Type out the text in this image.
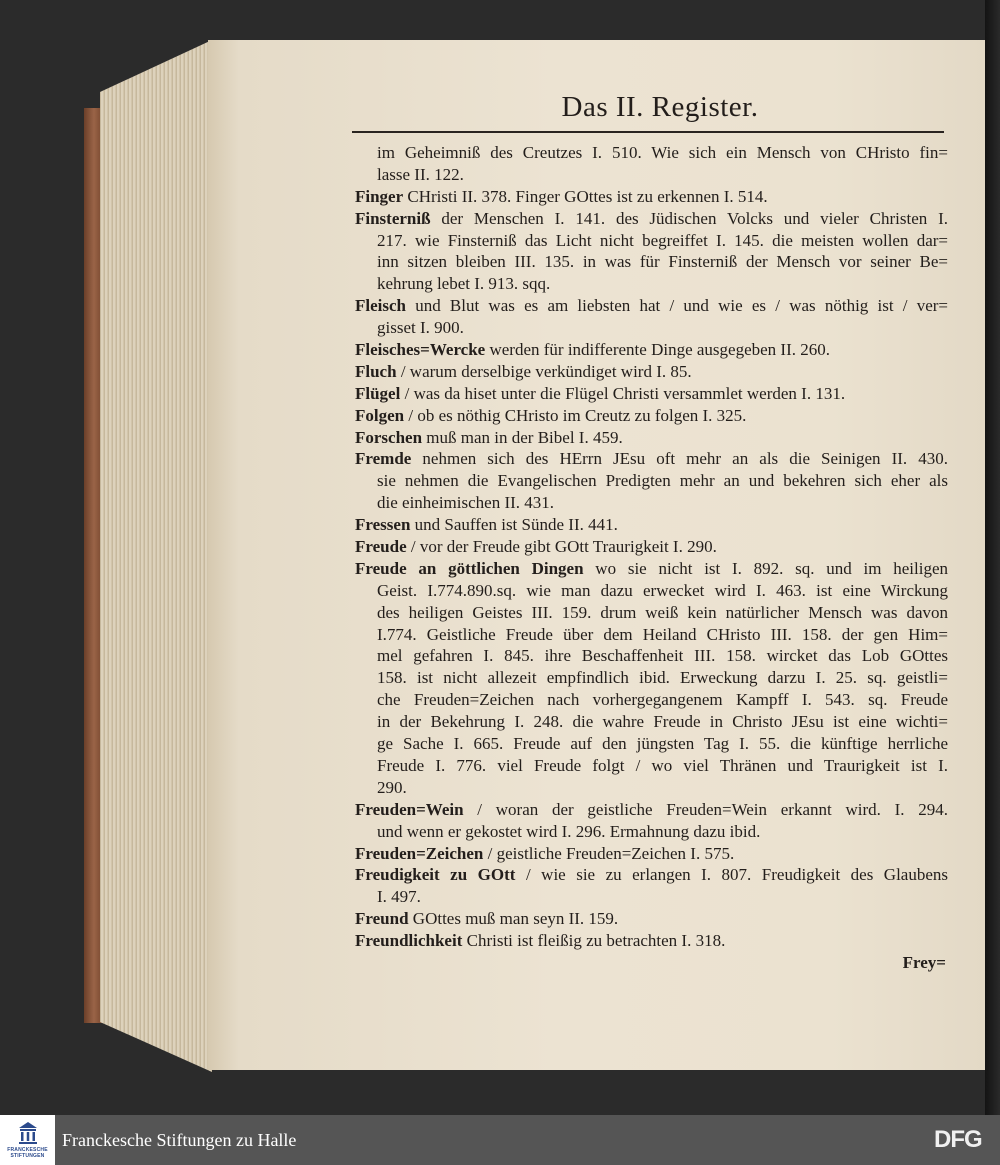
Das II. Register.
im Geheimniß des Creutzes I. 510. Wie sich ein Mensch von CHristo fin=
lasse II. 122.
Finger CHristi II. 378. Finger GOttes ist zu erkennen I. 514.
Finsterniß der Menschen I. 141. des Jüdischen Volcks und vieler Christen I.
217. wie Finsterniß das Licht nicht begreiffet I. 145. die meisten wollen dar=
inn sitzen bleiben III. 135. in was für Finsterniß der Mensch vor seiner Be=
kehrung lebet I. 913. sqq.
Fleisch und Blut was es am liebsten hat / und wie es / was nöthig ist / ver=
gisset I. 900.
Fleisches=Wercke werden für indifferente Dinge ausgegeben II. 260.
Fluch / warum derselbige verkündiget wird I. 85.
Flügel / was da hiset unter die Flügel Christi versammlet werden I. 131.
Folgen / ob es nöthig CHristo im Creutz zu folgen I. 325.
Forschen muß man in der Bibel I. 459.
Fremde nehmen sich des HErrn JEsu oft mehr an als die Seinigen II. 430.
sie nehmen die Evangelischen Predigten mehr an und bekehren sich eher als
die einheimischen II. 431.
Fressen und Sauffen ist Sünde II. 441.
Freude / vor der Freude gibt GOtt Traurigkeit I. 290.
Freude an göttlichen Dingen wo sie nicht ist I. 892. sq. und im heiligen
Geist. I.774.890.sq. wie man dazu erwecket wird I. 463. ist eine Wirckung
des heiligen Geistes III. 159. drum weiß kein natürlicher Mensch was davon
I.774. Geistliche Freude über dem Heiland CHristo III. 158. der gen Him=
mel gefahren I. 845. ihre Beschaffenheit III. 158. wircket das Lob GOttes
158. ist nicht allezeit empfindlich ibid. Erweckung darzu I. 25. sq. geistli=
che Freuden=Zeichen nach vorhergegangenem Kampff I. 543. sq. Freude
in der Bekehrung I. 248. die wahre Freude in Christo JEsu ist eine wichti=
ge Sache I. 665. Freude auf den jüngsten Tag I. 55. die künftige herrliche
Freude I. 776. viel Freude folgt / wo viel Thränen und Traurigkeit ist I.
290.
Freuden=Wein / woran der geistliche Freuden=Wein erkannt wird. I. 294.
und wenn er gekostet wird I. 296. Ermahnung dazu ibid.
Freuden=Zeichen / geistliche Freuden=Zeichen I. 575.
Freudigkeit zu GOtt / wie sie zu erlangen I. 807. Freudigkeit des Glaubens
I. 497.
Freund GOttes muß man seyn II. 159.
Freundlichkeit Christi ist fleißig zu betrachten I. 318.
Frey=
FRANCKESCHE
STIFTUNGEN
Franckesche Stiftungen zu Halle	DFG
